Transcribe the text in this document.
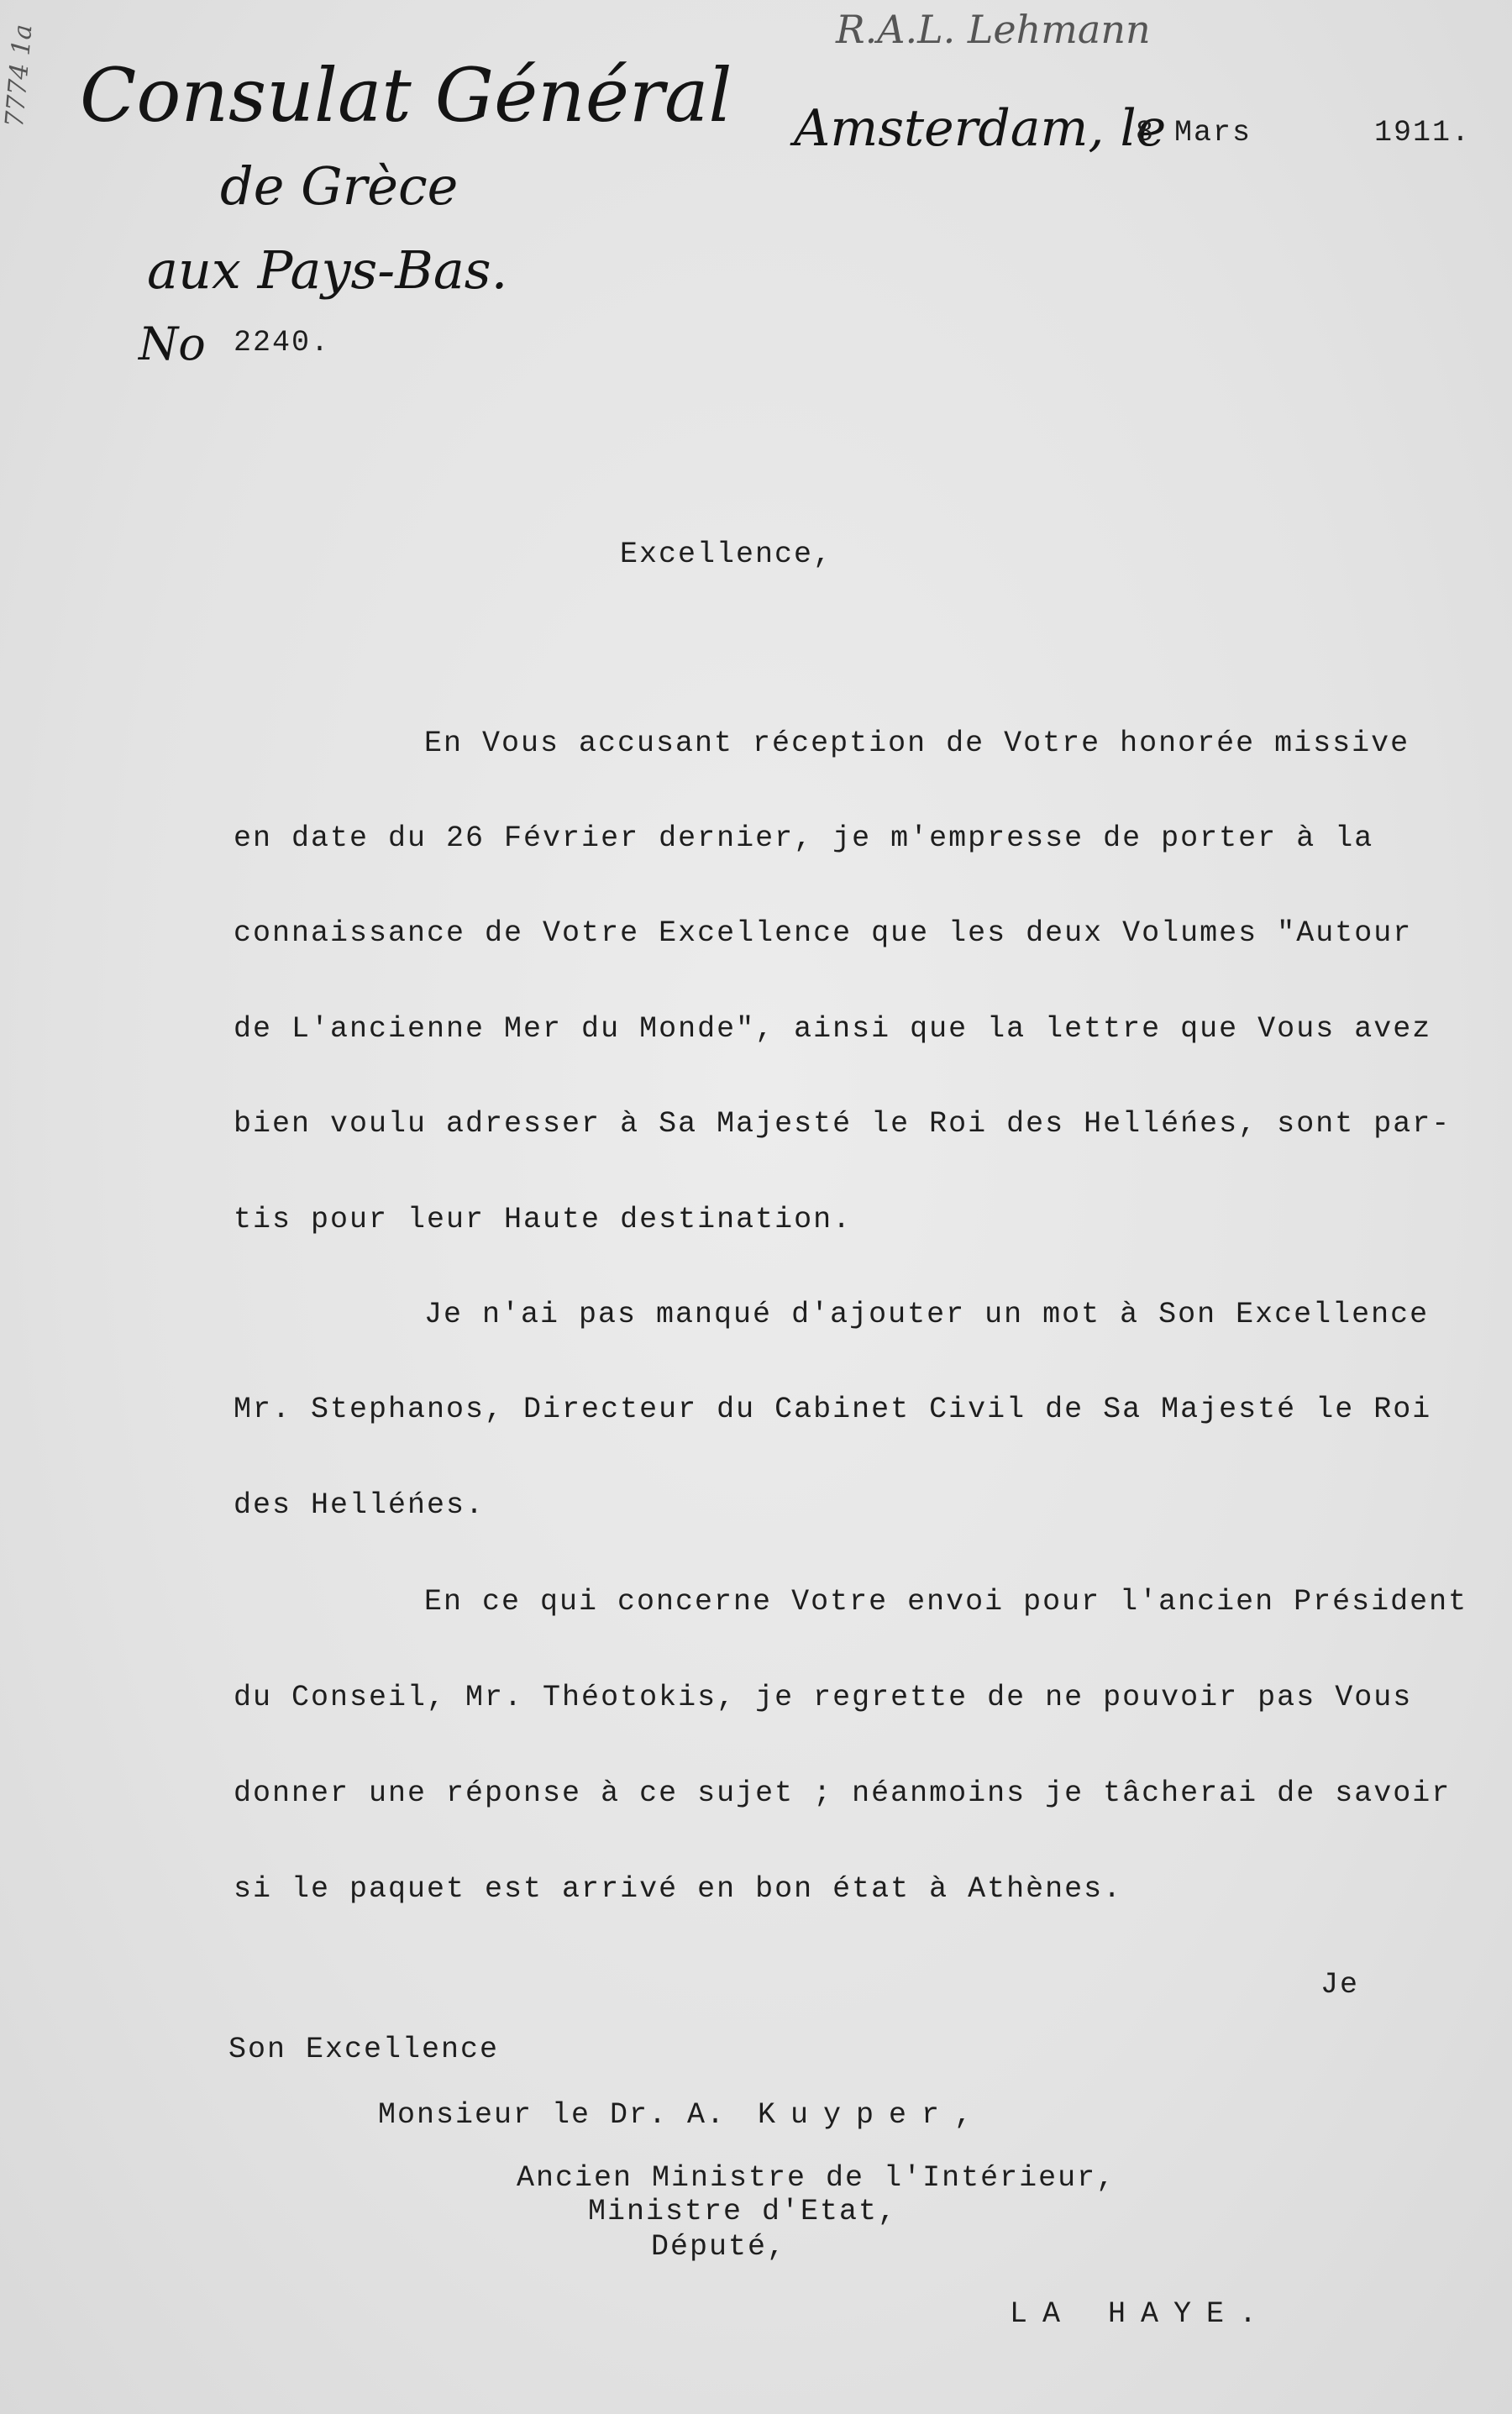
7774 1a	R.A.L. Lehmann
Consulat Général
de Grèce
aux Pays-Bas.
No 2240.
Amsterdam, le
8 Mars	1911.
Excellence,
En Vous accusant réception de Votre honorée missive
en date du 26 Février dernier, je m'empresse de porter à la
connaissance de Votre Excellence que les deux Volumes "Autour
de L'ancienne Mer du Monde", ainsi que la lettre que Vous avez
bien voulu adresser à Sa Majesté le Roi des Helléńes, sont par-
tis pour leur Haute destination.
Je n'ai pas manqué d'ajouter un mot à Son Excellence
Mr. Stephanos, Directeur du Cabinet Civil de Sa Majesté le Roi
des Helléńes.
En ce qui concerne Votre envoi pour l'ancien Président
du Conseil, Mr. Théotokis, je regrette de ne pouvoir pas Vous
donner une réponse à ce sujet ; néanmoins je tâcherai de savoir
si le paquet est arrivé en bon état à Athènes.
Je
Son Excellence
Monsieur le Dr. A. Kuyper,
Ancien Ministre de l'Intérieur,
Ministre d'Etat,
Député,
LA HAYE.
